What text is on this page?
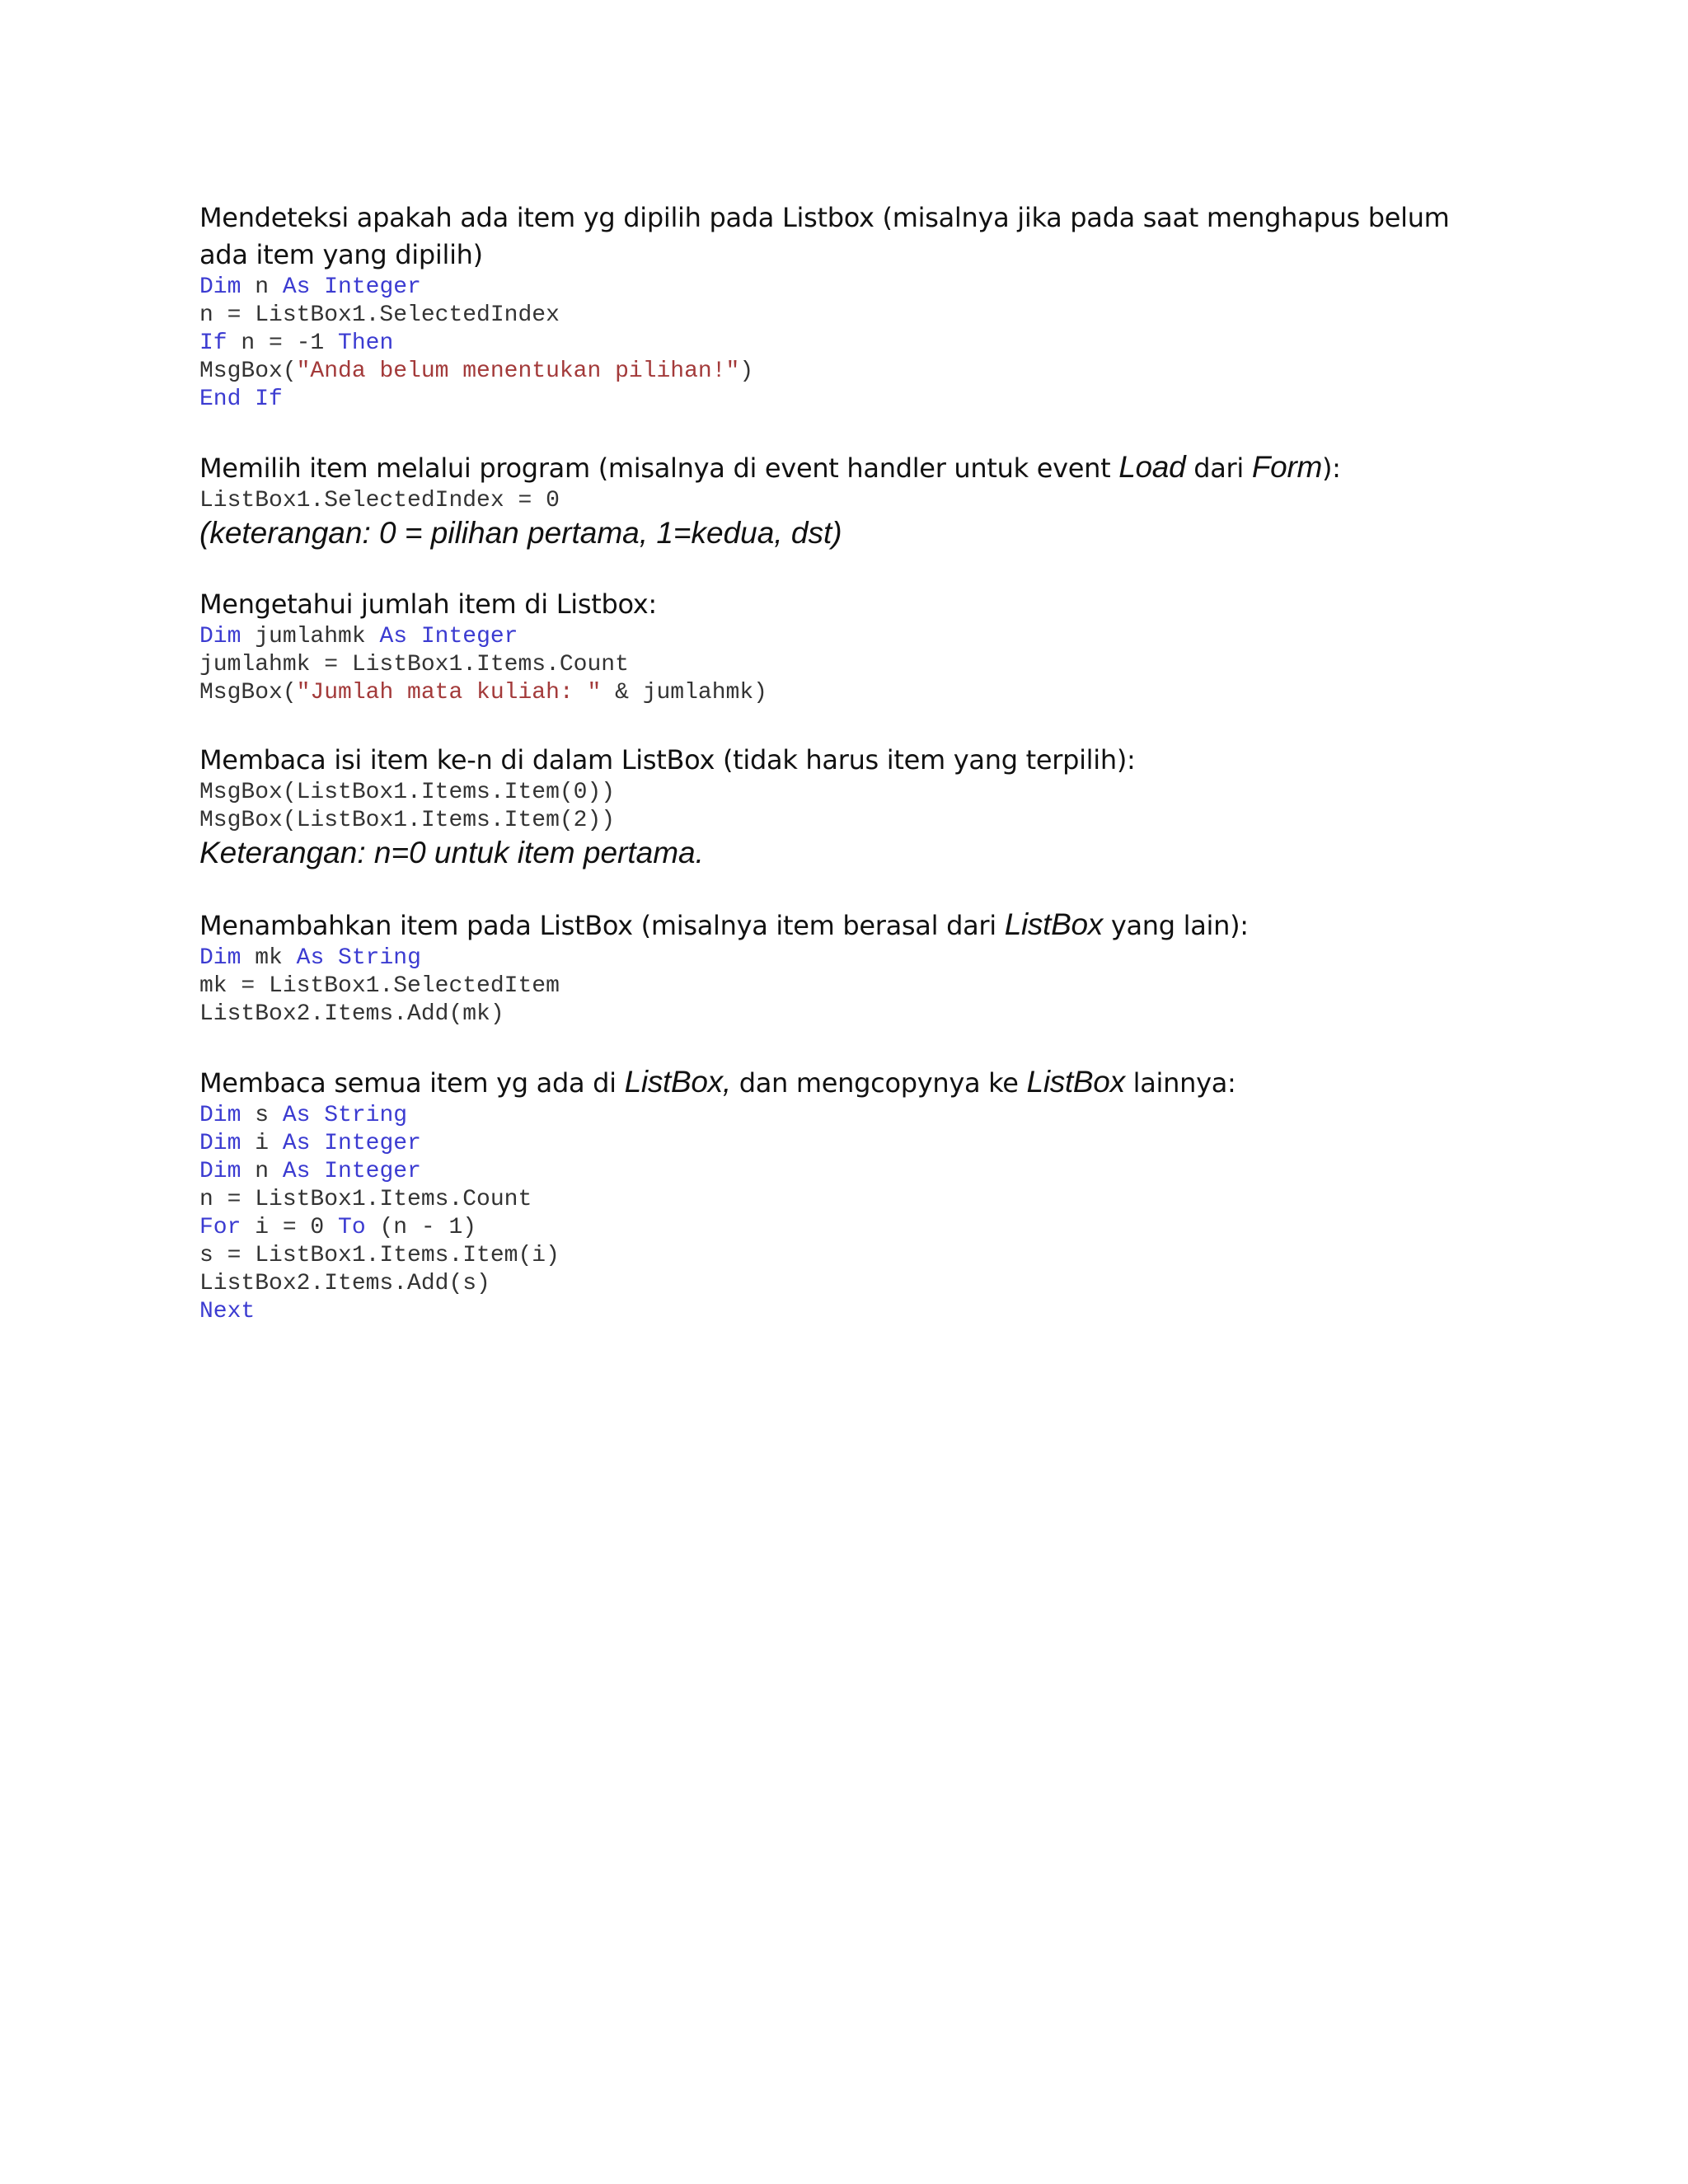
Mendeteksi apakah ada item yg dipilih pada Listbox (misalnya jika pada saat menghapus belum ada item yang dipilih)

Dim n As Integer
n = ListBox1.SelectedIndex
If n = -1 Then
MsgBox("Anda belum menentukan pilihan!")
End If

Memilih item melalui program (misalnya di event handler untuk event Load dari Form):

ListBox1.SelectedIndex = 0

(keterangan: 0 = pilihan pertama, 1=kedua, dst)

Mengetahui jumlah item di Listbox:

Dim jumlahmk As Integer
jumlahmk = ListBox1.Items.Count
MsgBox("Jumlah mata kuliah: " & jumlahmk)

Membaca isi item ke-n di dalam ListBox (tidak harus item yang terpilih):

MsgBox(ListBox1.Items.Item(0))
MsgBox(ListBox1.Items.Item(2))

Keterangan: n=0 untuk item pertama.

Menambahkan item pada ListBox (misalnya item berasal dari ListBox yang lain):

Dim mk As String
mk = ListBox1.SelectedItem
ListBox2.Items.Add(mk)

Membaca semua item yg ada di ListBox, dan mengcopynya ke ListBox lainnya:

Dim s As String
Dim i As Integer
Dim n As Integer
n = ListBox1.Items.Count
For i = 0 To (n - 1)
s = ListBox1.Items.Item(i)
ListBox2.Items.Add(s)
Next
